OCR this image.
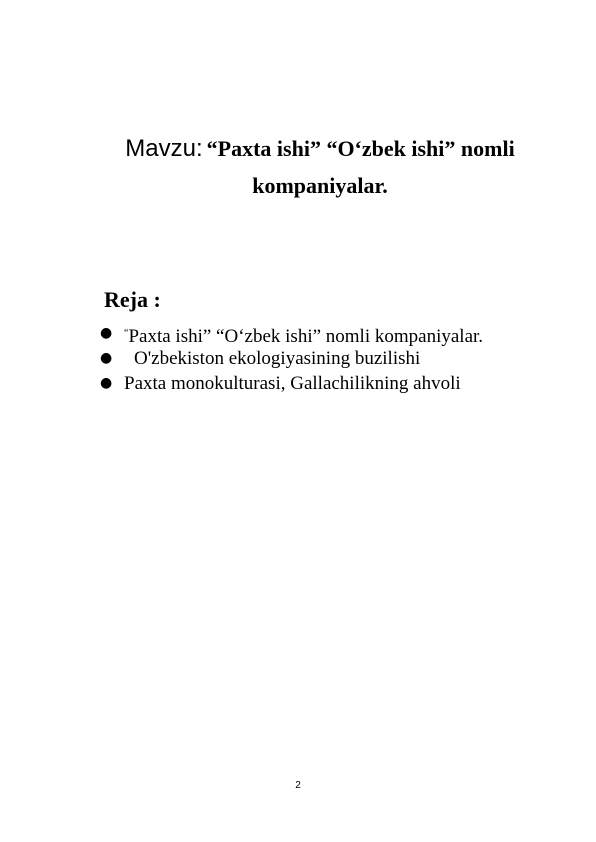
Mavzu: “Paxta ishi” “O‘zbek ishi” nomli
kompaniyalar.
Reja :
● “Paxta ishi” “O‘zbek ishi” nomli kompaniyalar.
● O'zbekiston ekologiyasining buzilishi
● Paxta monokulturasi, Gallachilikning ahvoli
2
